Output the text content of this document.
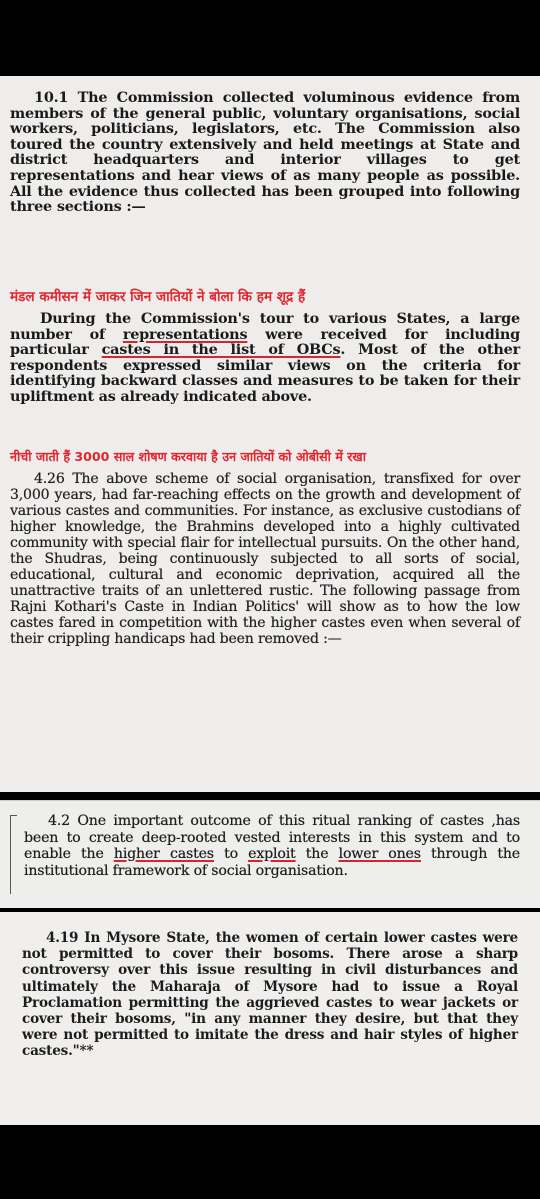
10.1 The Commission collected voluminous evidence from members of the general public, voluntary organisations, social workers, politicians, legislators, etc. The Commission also toured the country extensively and held meetings at State and district headquarters and interior villages to get representations and hear views of as many people as possible. All the evidence thus collected has been grouped into following three sections :—

मंडल कमीसन में जाकर जिन जातियों ने बोला कि हम शूद्र हैं

During the Commission's tour to various States, a large number of representations were received for including particular castes in the list of OBCs. Most of the other respondents expressed similar views on the criteria for identifying backward classes and measures to be taken for their upliftment as already indicated above.

नीची जाती हैं 3000 साल शोषण करवाया है उन जातियों को ओबीसी में रखा

4.26 The above scheme of social organisation, transfixed for over 3,000 years, had far-reaching effects on the growth and development of various castes and communities. For instance, as exclusive custodians of higher knowledge, the Brahmins developed into a highly cultivated community with special flair for intellectual pursuits. On the other hand, the Shudras, being continuously subjected to all sorts of social, educational, cultural and economic deprivation, acquired all the unattractive traits of an unlettered rustic. The following passage from Rajni Kothari's Caste in Indian Politics' will show as to how the low castes fared in competition with the higher castes even when several of their crippling handicaps had been removed :—

4.2 One important outcome of this ritual ranking of castes ,has been to create deep-rooted vested interests in this system and to enable the higher castes to exploit the lower ones through the institutional framework of social organisation.

4.19 In Mysore State, the women of certain lower castes were not permitted to cover their bosoms. There arose a sharp controversy over this issue resulting in civil disturbances and ultimately the Maharaja of Mysore had to issue a Royal Proclamation permitting the aggrieved castes to wear jackets or cover their bosoms, "in any manner they desire, but that they were not permitted to imitate the dress and hair styles of higher castes."**
